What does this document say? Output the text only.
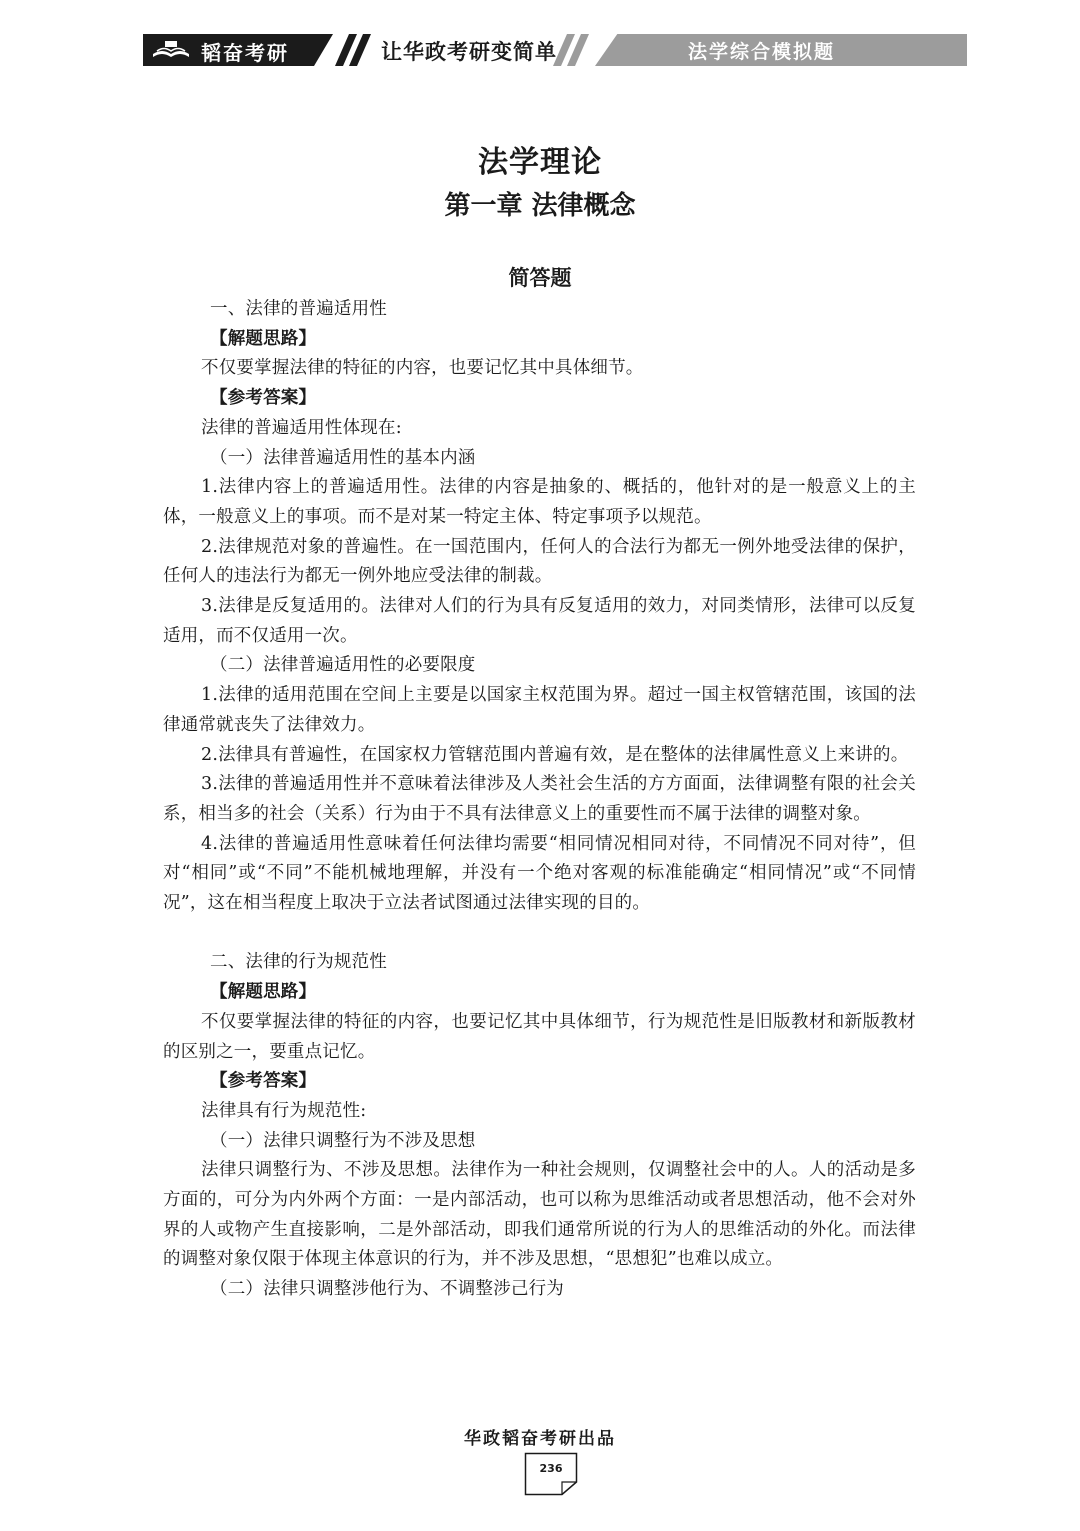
韬奋考研	让华政考研变简单	法学综合模拟题
法学理论
第一章 法律概念
简答题

一、法律的普遍适用性

【解题思路】

不仅要掌握法律的特征的内容，也要记忆其中具体细节。

【参考答案】

法律的普遍适用性体现在:

（一）法律普遍适用性的基本内涵

1.法律内容上的普遍适用性。法律的内容是抽象的、概括的，他针对的是一般意义上的主体，一般意义上的事项。而不是对某一特定主体、特定事项予以规范。

2.法律规范对象的普遍性。在一国范围内，任何人的合法行为都无一例外地受法律的保护，任何人的违法行为都无一例外地应受法律的制裁。

3.法律是反复适用的。法律对人们的行为具有反复适用的效力，对同类情形，法律可以反复适用，而不仅适用一次。

（二）法律普遍适用性的必要限度

1.法律的适用范围在空间上主要是以国家主权范围为界。超过一国主权管辖范围，该国的法律通常就丧失了法律效力。

2.法律具有普遍性，在国家权力管辖范围内普遍有效，是在整体的法律属性意义上来讲的。

3.法律的普遍适用性并不意味着法律涉及人类社会生活的方方面面，法律调整有限的社会关系，相当多的社会（关系）行为由于不具有法律意义上的重要性而不属于法律的调整对象。

4.法律的普遍适用性意味着任何法律均需要“相同情况相同对待，不同情况不同对待”，但对“相同”或“不同”不能机械地理解，并没有一个绝对客观的标准能确定“相同情况”或“不同情况”，这在相当程度上取决于立法者试图通过法律实现的目的。

二、法律的行为规范性

【解题思路】

不仅要掌握法律的特征的内容，也要记忆其中具体细节，行为规范性是旧版教材和新版教材的区别之一，要重点记忆。

【参考答案】

法律具有行为规范性:

（一）法律只调整行为不涉及思想

法律只调整行为、不涉及思想。法律作为一种社会规则，仅调整社会中的人。人的活动是多方面的，可分为内外两个方面：一是内部活动，也可以称为思维活动或者思想活动，他不会对外界的人或物产生直接影响，二是外部活动，即我们通常所说的行为人的思维活动的外化。而法律的调整对象仅限于体现主体意识的行为，并不涉及思想，“思想犯”也难以成立。

（二）法律只调整涉他行为、不调整涉己行为

华政韬奋考研出品
236
